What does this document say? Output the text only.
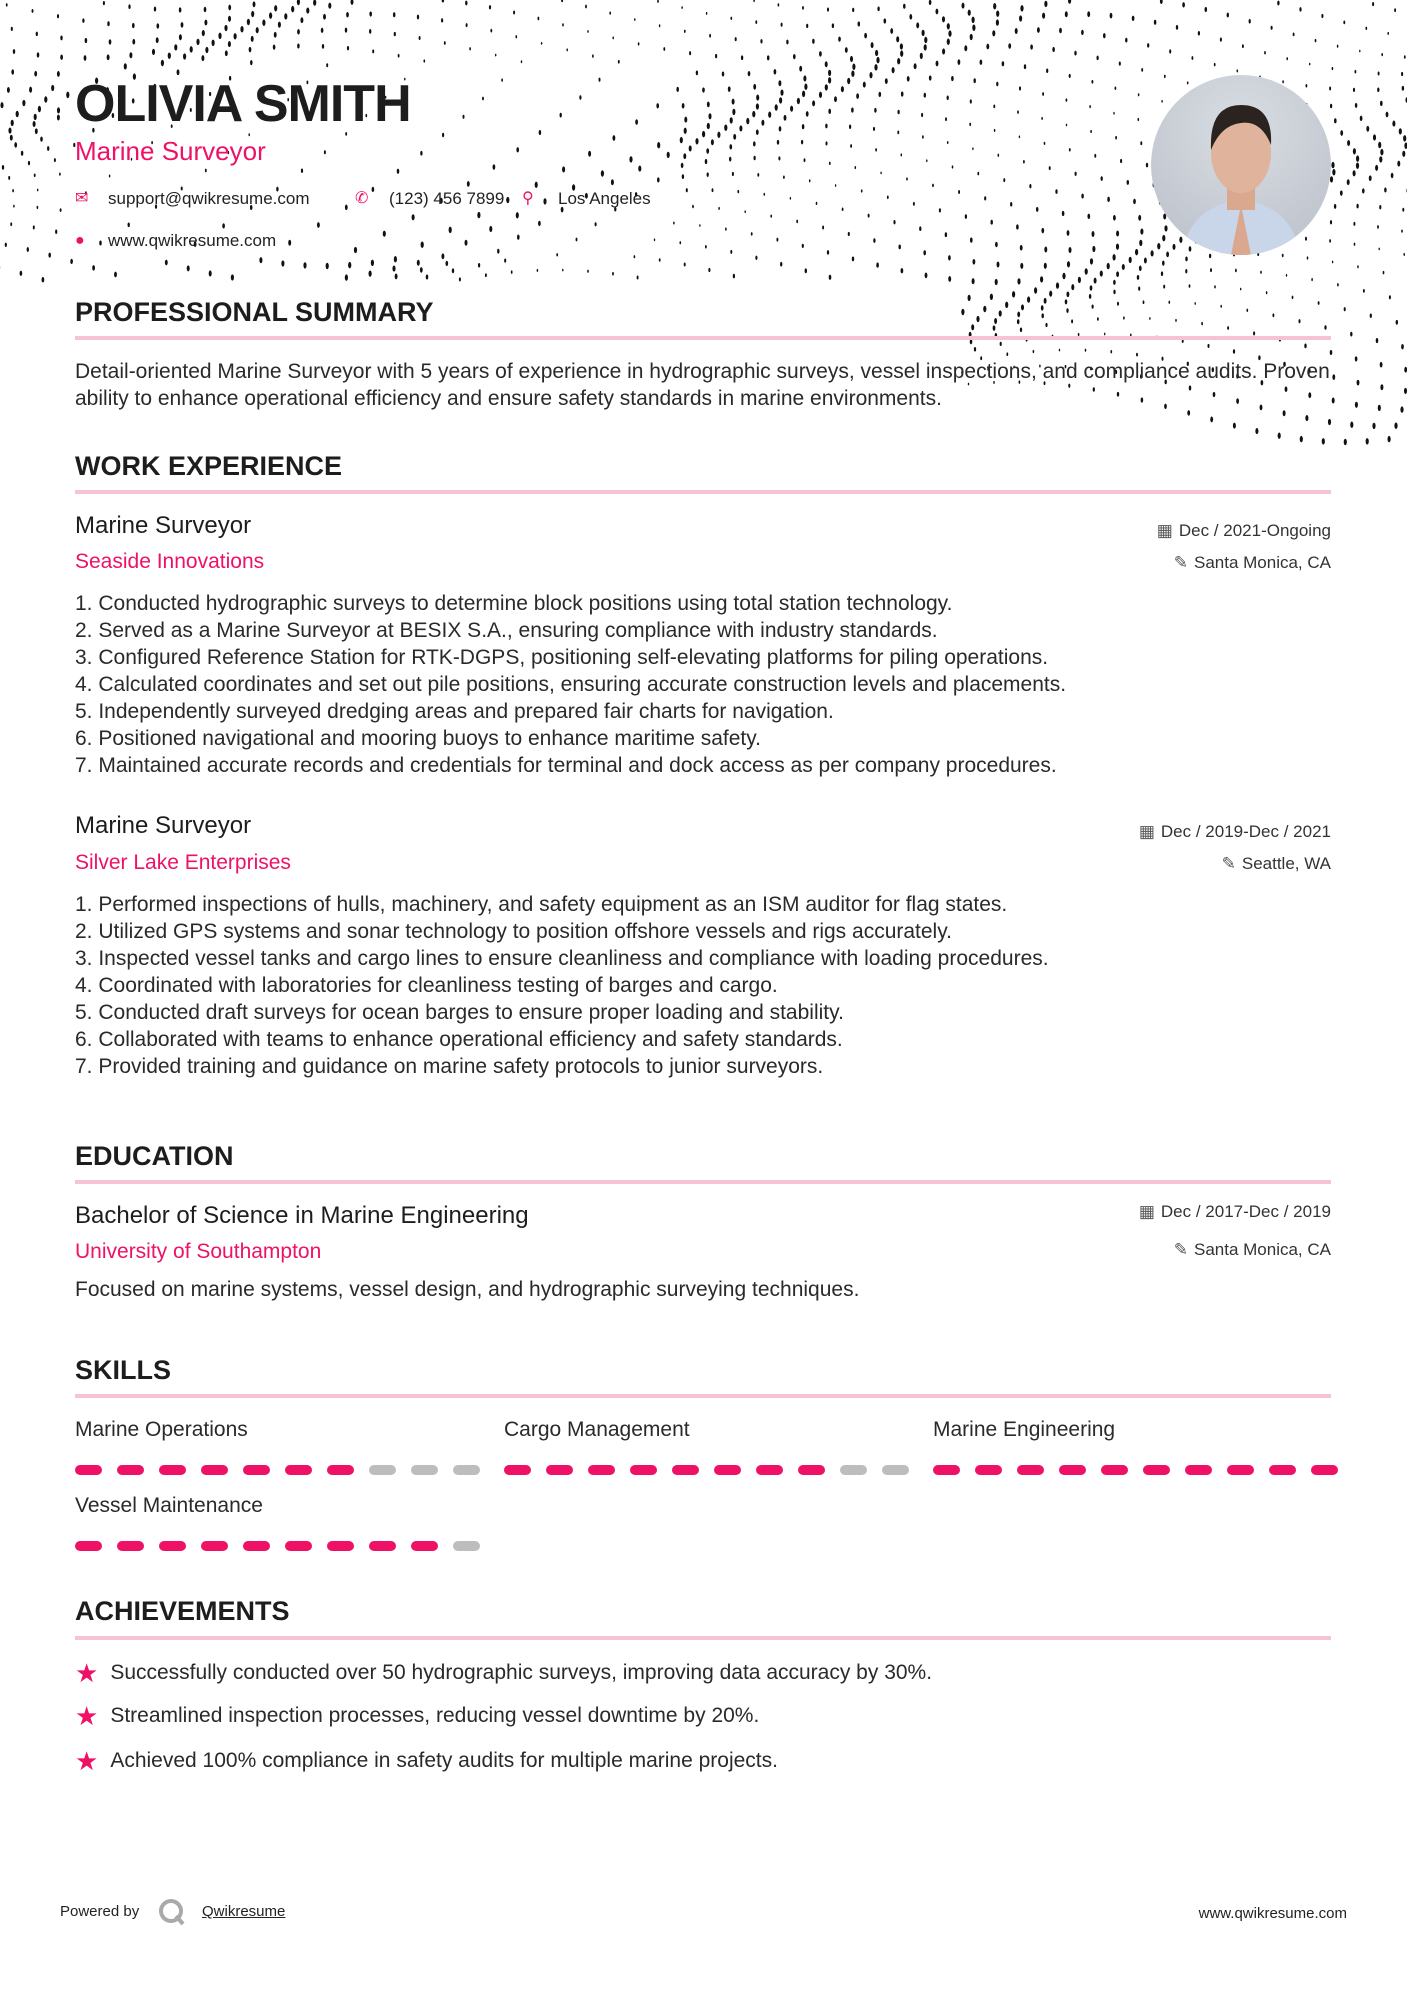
OLIVIA SMITH
Marine Surveyor
✉ support@qwikresume.com	✆ (123) 456 7899 ⚲ Los Angeles
● www.qwikresume.com
PROFESSIONAL SUMMARY
Detail-oriented Marine Surveyor with 5 years of experience in hydrographic surveys, vessel inspections, and compliance audits. Proven ability to enhance operational efficiency and ensure safety standards in marine environments.
WORK EXPERIENCE
Marine Surveyor
Seaside Innovations
▦ Dec / 2021-Ongoing
✎ Santa Monica, CA
1. Conducted hydrographic surveys to determine block positions using total station technology.
2. Served as a Marine Surveyor at BESIX S.A., ensuring compliance with industry standards.
3. Configured Reference Station for RTK-DGPS, positioning self-elevating platforms for piling operations.
4. Calculated coordinates and set out pile positions, ensuring accurate construction levels and placements.
5. Independently surveyed dredging areas and prepared fair charts for navigation.
6. Positioned navigational and mooring buoys to enhance maritime safety.
7. Maintained accurate records and credentials for terminal and dock access as per company procedures.
Marine Surveyor
Silver Lake Enterprises
▦ Dec / 2019-Dec / 2021
✎ Seattle, WA
1. Performed inspections of hulls, machinery, and safety equipment as an ISM auditor for flag states.
2. Utilized GPS systems and sonar technology to position offshore vessels and rigs accurately.
3. Inspected vessel tanks and cargo lines to ensure cleanliness and compliance with loading procedures.
4. Coordinated with laboratories for cleanliness testing of barges and cargo.
5. Conducted draft surveys for ocean barges to ensure proper loading and stability.
6. Collaborated with teams to enhance operational efficiency and safety standards.
7. Provided training and guidance on marine safety protocols to junior surveyors.
EDUCATION
Bachelor of Science in Marine Engineering
University of Southampton
▦ Dec / 2017-Dec / 2019
✎ Santa Monica, CA
Focused on marine systems, vessel design, and hydrographic surveying techniques.
SKILLS
Marine Operations	Cargo Management	Marine Engineering
Vessel Maintenance
ACHIEVEMENTS
★ Successfully conducted over 50 hydrographic surveys, improving data accuracy by 30%.
★ Streamlined inspection processes, reducing vessel downtime by 20%.
★ Achieved 100% compliance in safety audits for multiple marine projects.
Powered by	Qwikresume	www.qwikresume.com
